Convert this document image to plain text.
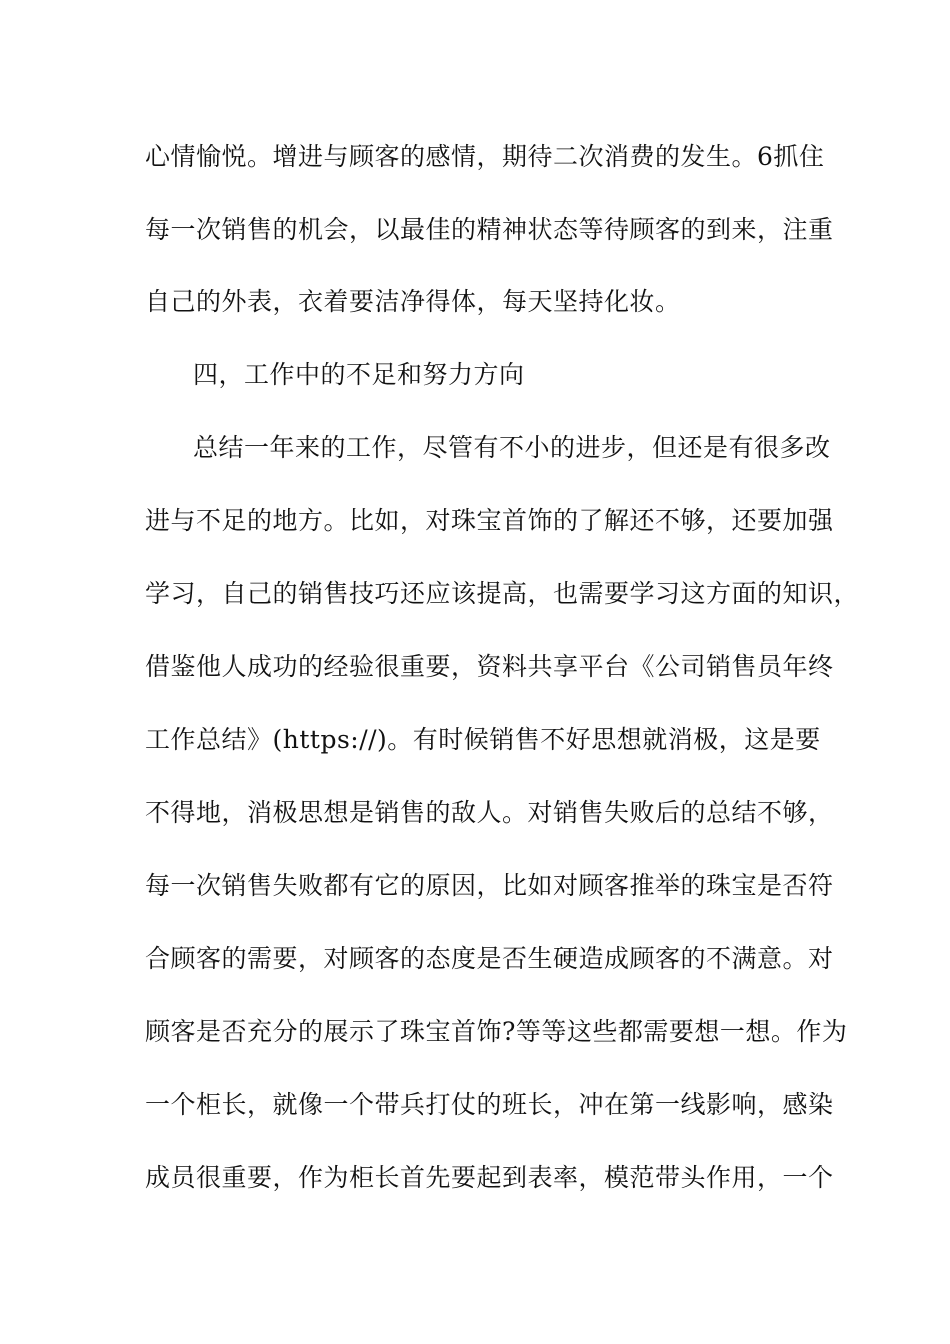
心情愉悦。增进与顾客的感情，期待二次消费的发生。6抓住
每一次销售的机会，以最佳的精神状态等待顾客的到来，注重
自己的外表，衣着要洁净得体，每天坚持化妆。
四，工作中的不足和努力方向
总结一年来的工作，尽管有不小的进步，但还是有很多改
进与不足的地方。比如，对珠宝首饰的了解还不够，还要加强
学习，自己的销售技巧还应该提高，也需要学习这方面的知识，
借鉴他人成功的经验很重要，资料共享平台《公司销售员年终
工作总结》(https://)。有时候销售不好思想就消极，这是要
不得地，消极思想是销售的敌人。对销售失败后的总结不够，
每一次销售失败都有它的原因，比如对顾客推举的珠宝是否符
合顾客的需要，对顾客的态度是否生硬造成顾客的不满意。对
顾客是否充分的展示了珠宝首饰?等等这些都需要想一想。作为
一个柜长，就像一个带兵打仗的班长，冲在第一线影响，感染
成员很重要，作为柜长首先要起到表率，模范带头作用，一个
